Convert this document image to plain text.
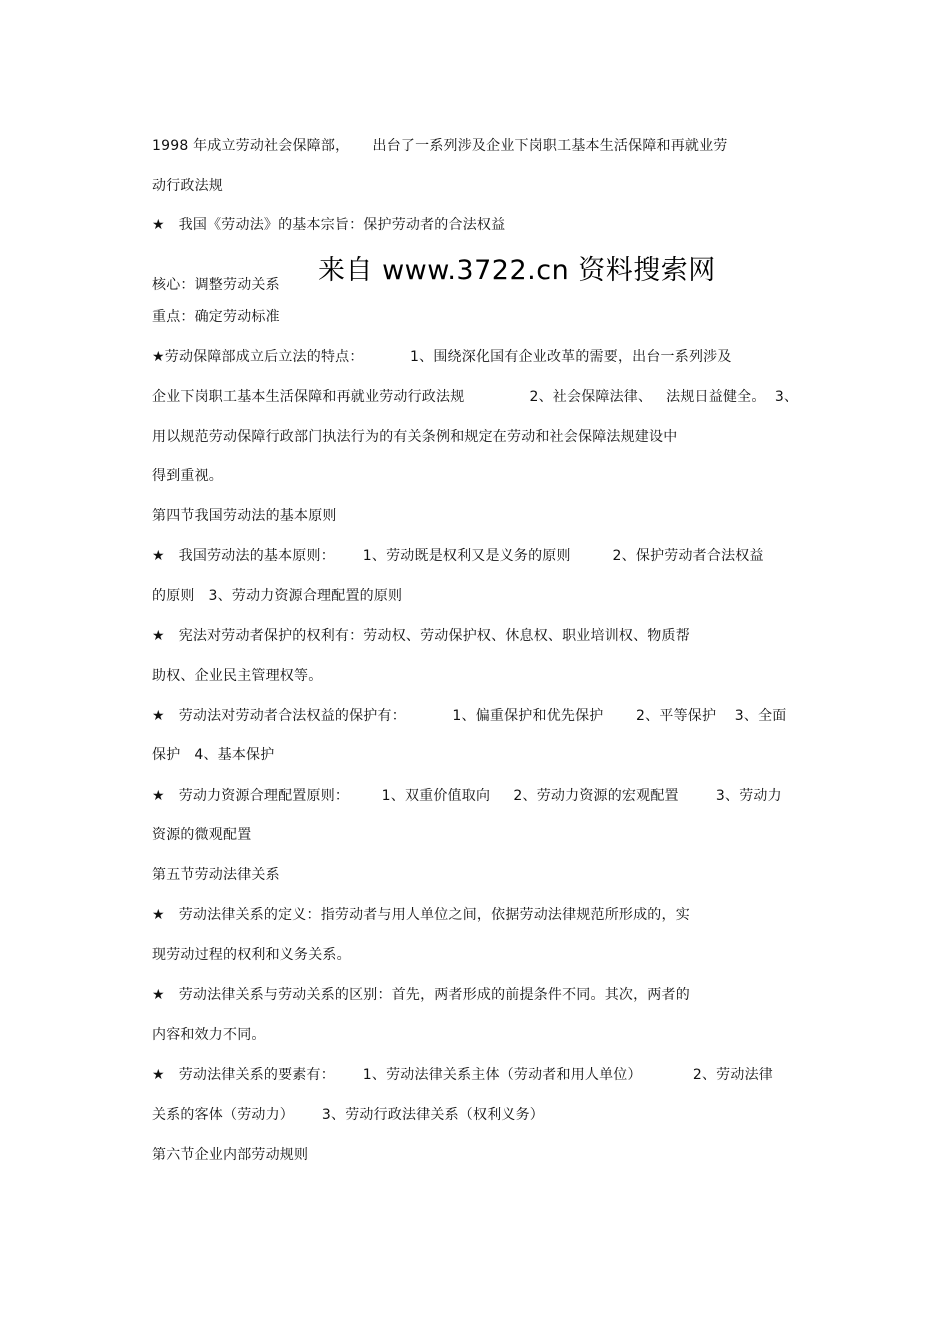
来自 www.3722.cn 资料搜索网
1998 年成立劳动社会保障部，     出台了一系列涉及企业下岗职工基本生活保障和再就业劳
动行政法规
★   我国《劳动法》的基本宗旨：保护劳动者的合法权益
核心：调整劳动关系
重点：确定劳动标准
★劳动保障部成立后立法的特点：          1、围绕深化国有企业改革的需要，出台一系列涉及
企业下岗职工基本生活保障和再就业劳动行政法规              2、社会保障法律、   法规日益健全。  3、
用以规范劳动保障行政部门执法行为的有关条例和规定在劳动和社会保障法规建设中
得到重视。
第四节我国劳动法的基本原则
★   我国劳动法的基本原则：      1、劳动既是权利又是义务的原则         2、保护劳动者合法权益
的原则   3、劳动力资源合理配置的原则
★   宪法对劳动者保护的权利有：劳动权、劳动保护权、休息权、职业培训权、物质帮
助权、企业民主管理权等。
★   劳动法对劳动者合法权益的保护有：          1、偏重保护和优先保护       2、平等保护    3、全面
保护   4、基本保护
★   劳动力资源合理配置原则：       1、双重价值取向     2、劳动力资源的宏观配置        3、劳动力
资源的微观配置
第五节劳动法律关系
★   劳动法律关系的定义：指劳动者与用人单位之间，依据劳动法律规范所形成的，实
现劳动过程的权利和义务关系。
★   劳动法律关系与劳动关系的区别：首先，两者形成的前提条件不同。其次，两者的
内容和效力不同。
★   劳动法律关系的要素有：      1、劳动法律关系主体（劳动者和用人单位）           2、劳动法律
关系的客体（劳动力）      3、劳动行政法律关系（权利义务）
第六节企业内部劳动规则
